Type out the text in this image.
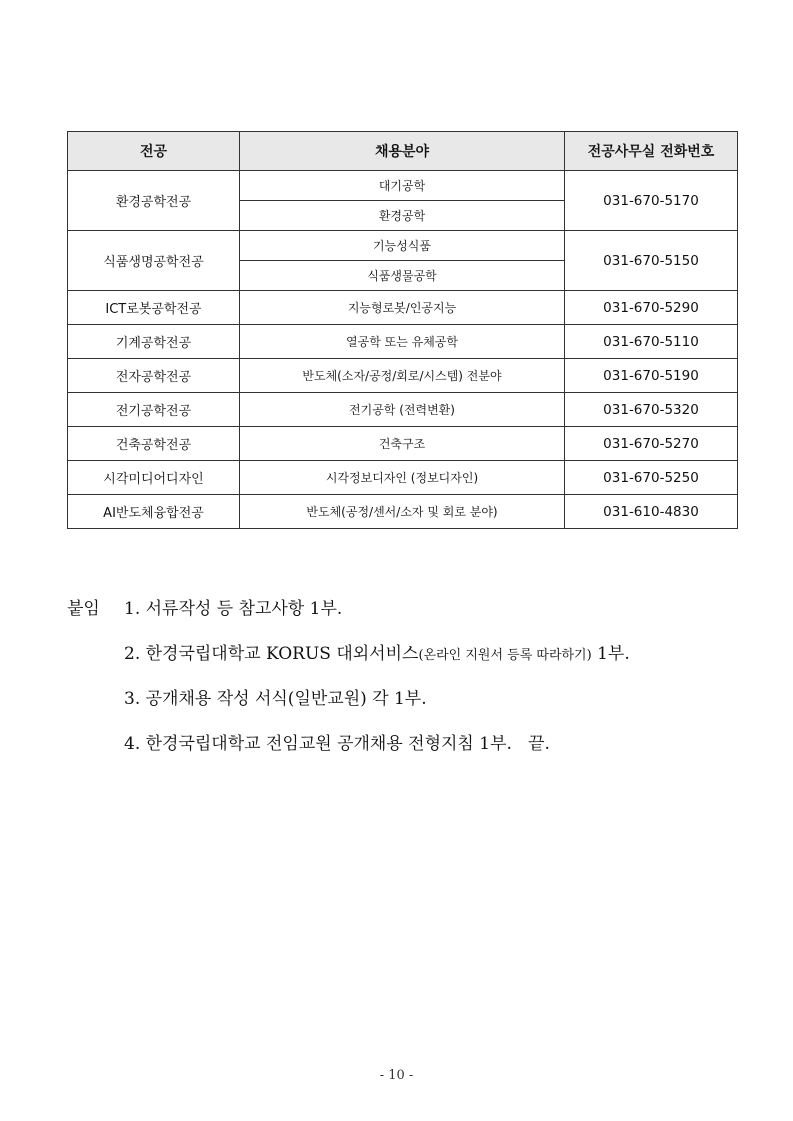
전공	채용분야	전공사무실 전화번호
환경공학전공	대기공학	031-670-5170
	환경공학	
식품생명공학전공	기능성식품	031-670-5150
	식품생물공학	
ICT로봇공학전공	지능형로봇/인공지능	031-670-5290
기계공학전공	열공학 또는 유체공학	031-670-5110
전자공학전공	반도체(소자/공정/회로/시스템) 전분야	031-670-5190
전기공학전공	전기공학 (전력변환)	031-670-5320
건축공학전공	건축구조	031-670-5270
시각미디어디자인	시각정보디자인 (정보디자인)	031-670-5250
AI반도체융합전공	반도체(공정/센서/소자 및 회로 분야)	031-610-4830
붙임 1. 서류작성 등 참고사항 1부.
2. 한경국립대학교 KORUS 대외서비스(온라인 지원서 등록 따라하기) 1부.
3. 공개채용 작성 서식(일반교원) 각 1부.
4. 한경국립대학교 전임교원 공개채용 전형지침 1부.   끝.
- 10 -
